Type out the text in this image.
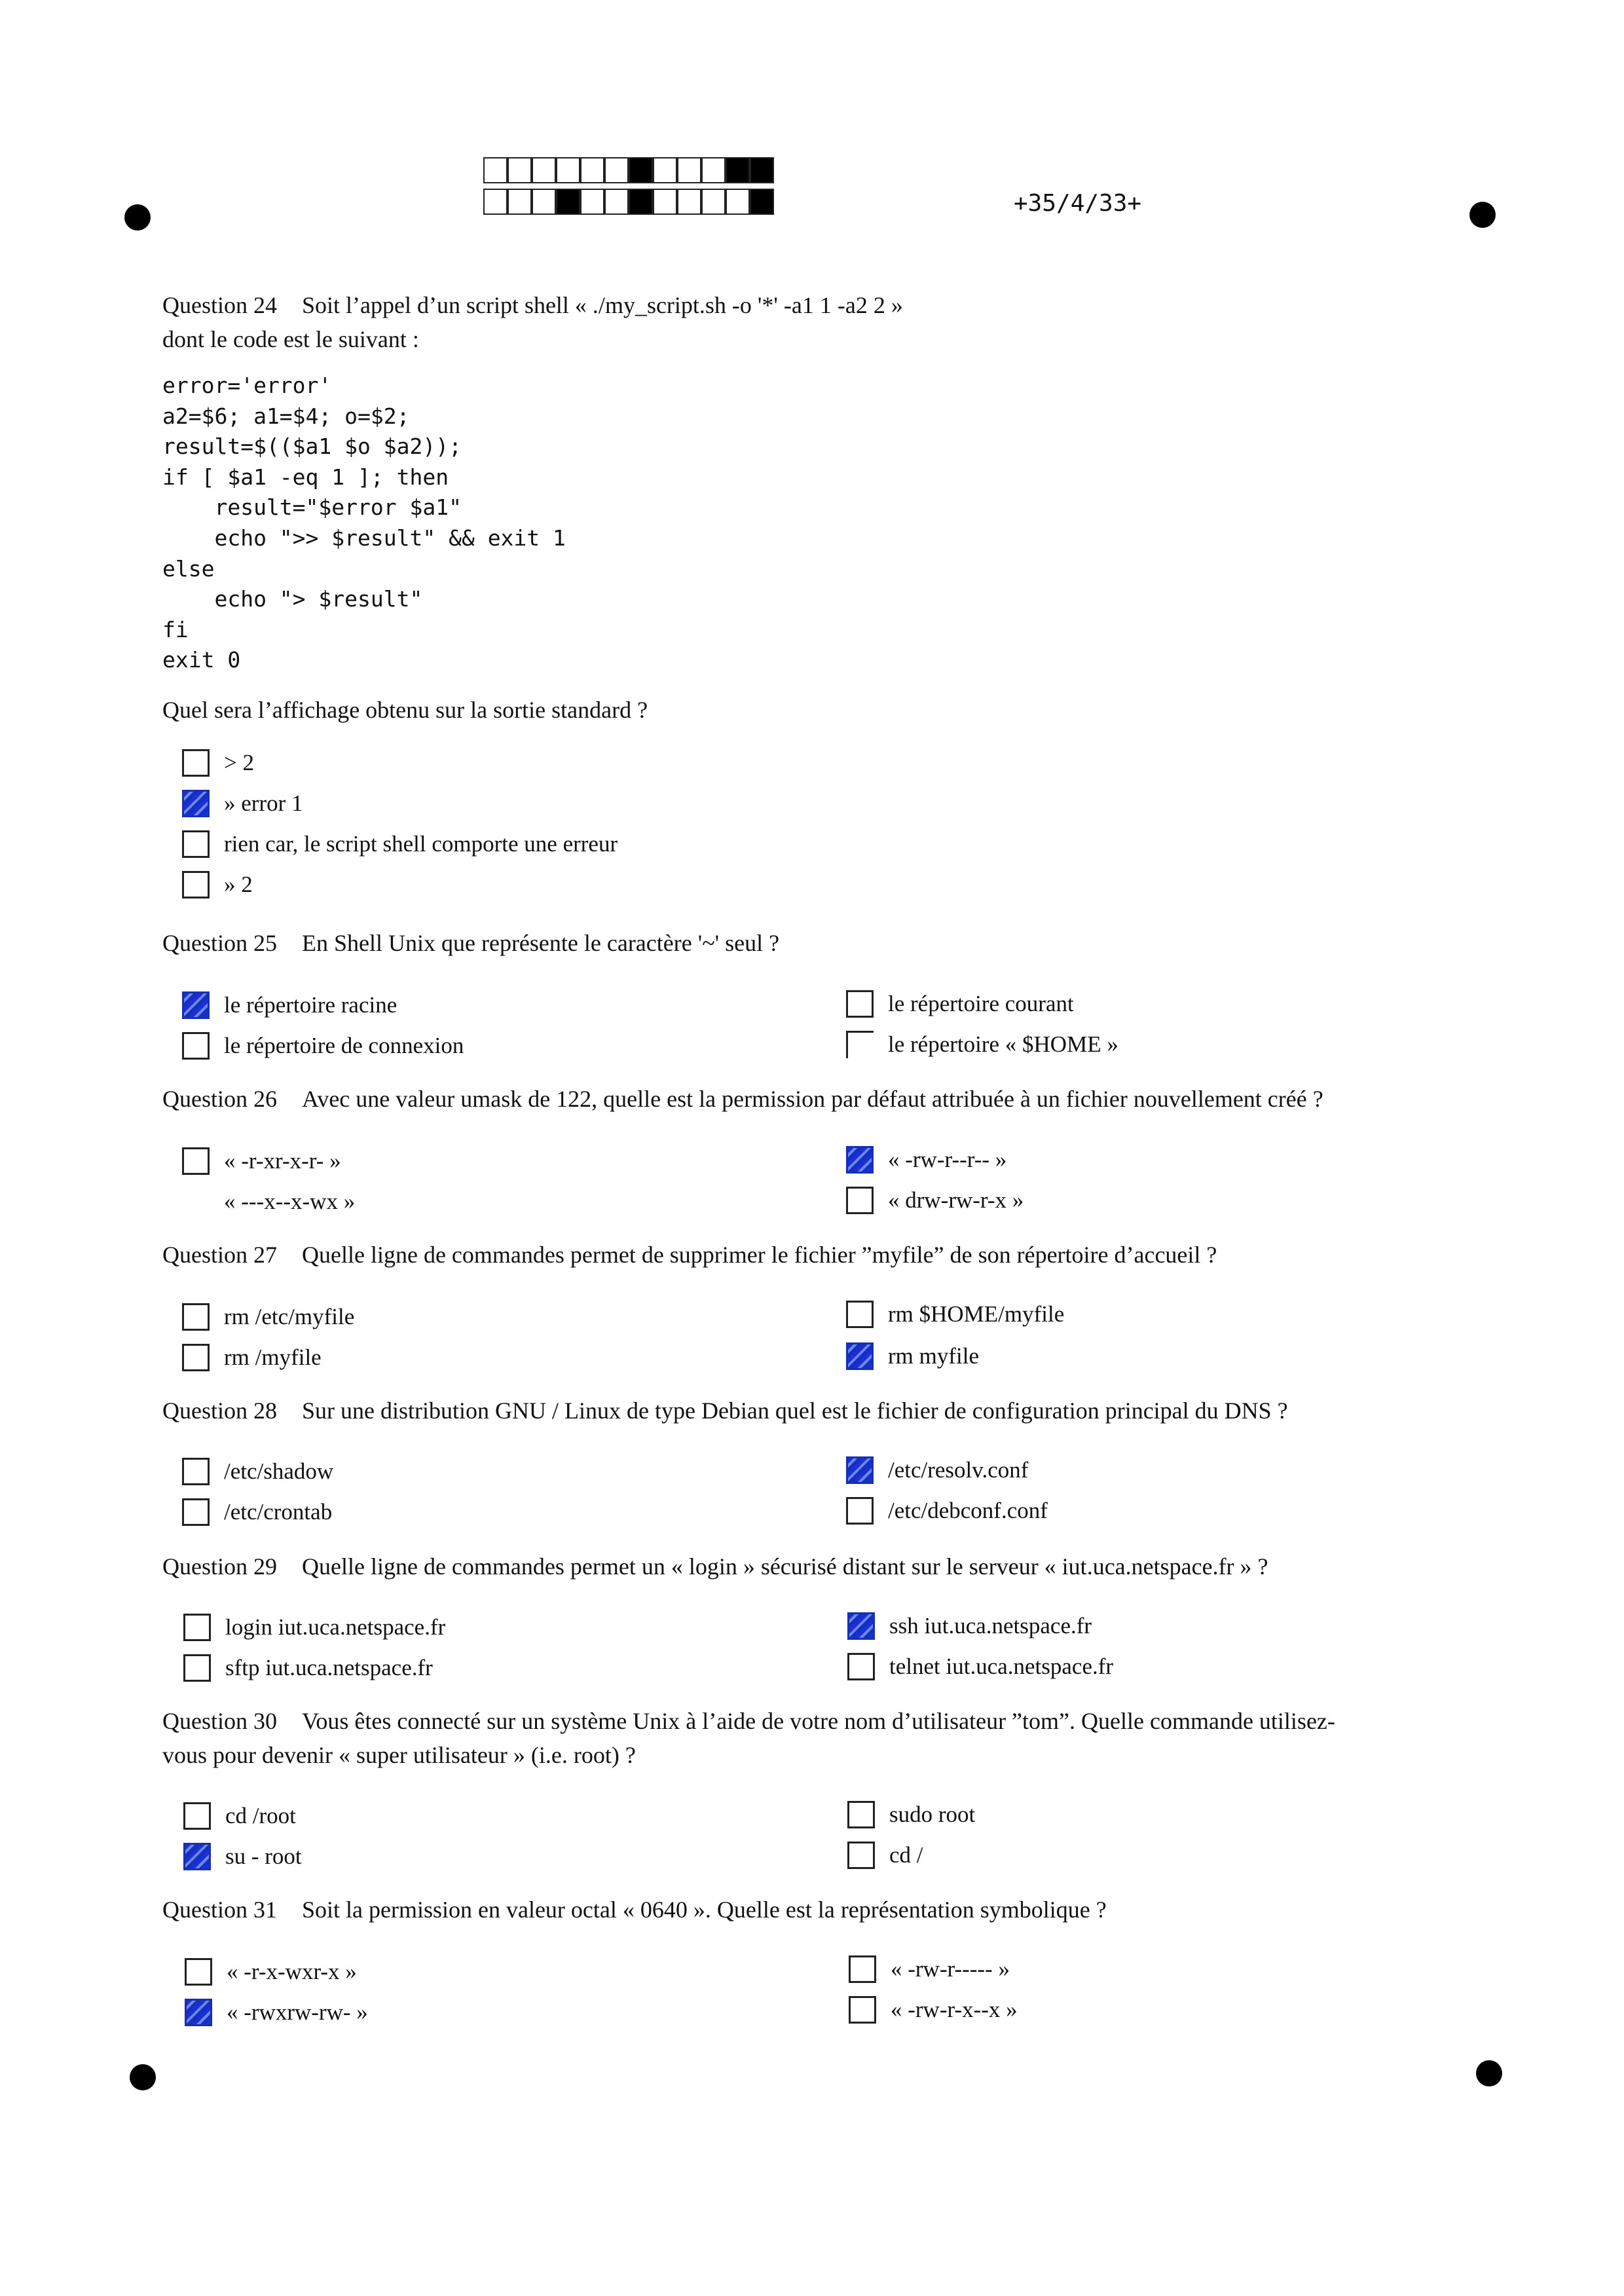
+35/4/33+
Question 24 Soit l’appel d’un script shell « ./my_script.sh -o '*' -a1 1 -a2 2 »
dont le code est le suivant :
error='error'
a2=$6; a1=$4; o=$2;
result=$(($a1 $o $a2));
if [ $a1 -eq 1 ]; then
result="$error $a1"
echo ">> $result" && exit 1
else
echo "> $result"
fi
exit 0
Quel sera l’affichage obtenu sur la sortie standard ?
> 2
» error 1
rien car, le script shell comporte une erreur
» 2
Question 25 En Shell Unix que représente le caractère '~' seul ?
le répertoire racine	le répertoire courant
le répertoire de connexion	le répertoire « $HOME »
Question 26 Avec une valeur umask de 122, quelle est la permission par défaut attribuée à un fichier nouvellement créé ?
« -r-xr-x-r- »	« -rw-r--r-- »
« ---x--x-wx »	« drw-rw-r-x »
Question 27 Quelle ligne de commandes permet de supprimer le fichier ”myfile” de son répertoire d’accueil ?
rm /etc/myfile	rm $HOME/myfile
rm /myfile	rm myfile
Question 28 Sur une distribution GNU / Linux de type Debian quel est le fichier de configuration principal du DNS ?
/etc/shadow	/etc/resolv.conf
/etc/crontab	/etc/debconf.conf
Question 29 Quelle ligne de commandes permet un « login » sécurisé distant sur le serveur « iut.uca.netspace.fr » ?
login iut.uca.netspace.fr	ssh iut.uca.netspace.fr
sftp iut.uca.netspace.fr	telnet iut.uca.netspace.fr
Question 30 Vous êtes connecté sur un système Unix à l’aide de votre nom d’utilisateur ”tom”. Quelle commande utilisez-
vous pour devenir « super utilisateur » (i.e. root) ?
cd /root	sudo root
su - root	cd /
Question 31 Soit la permission en valeur octal « 0640 ». Quelle est la représentation symbolique ?
« -r-x-wxr-x »	« -rw-r----- »
« -rwxrw-rw- »	« -rw-r-x--x »
